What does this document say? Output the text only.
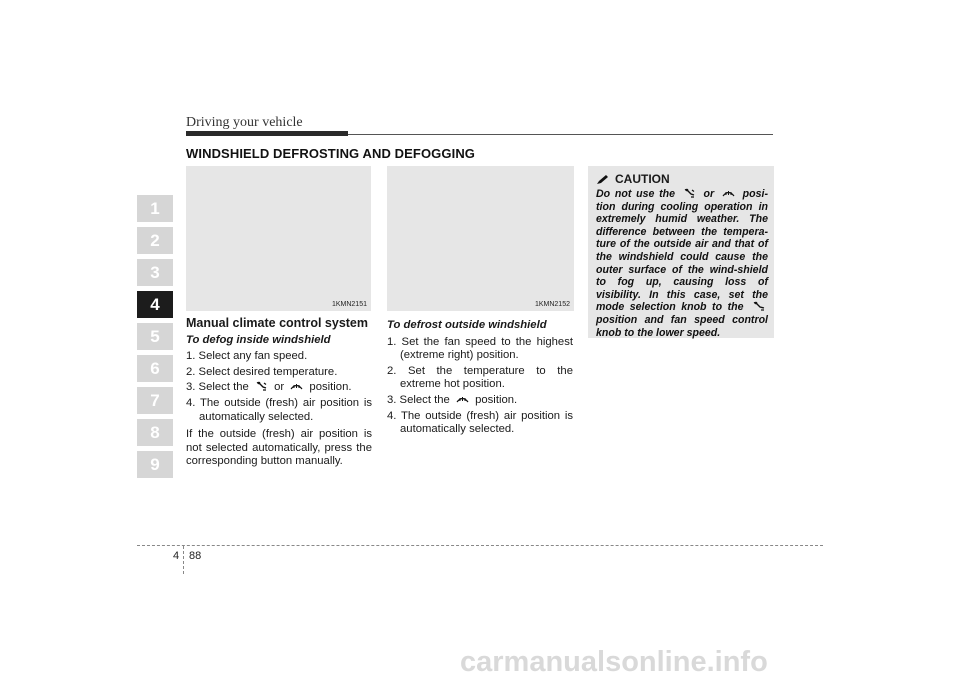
Driving your vehicle
WINDSHIELD DEFROSTING AND DEFOGGING
1
2
3
4
5
6
7
8
9
1KMN2151	1KMN2152
Manual climate control system
To defog inside windshield
1. Select any fan speed.
2. Select desired temperature.
3. Select the or position.
4. The outside (fresh) air position is automatically selected.

If the outside (fresh) air position is not selected automatically, press the corresponding button manually.

To defrost outside windshield
1. Set the fan speed to the highest (extreme right) position.
2. Set the temperature to the extreme hot position.
3. Select the position.
4. The outside (fresh) air position is automatically selected.
CAUTION
Do not use the	or	posi-tion during cooling operation in extremely humid weather. The difference between the tempera-ture of the outside air and that of the windshield could cause the outer surface of the wind-shield to fog up, causing loss of visibility. In this case, set the mode selection knob to the  position and fan speed control knob to the lower speed.
4 88
carmanualsonline.info
